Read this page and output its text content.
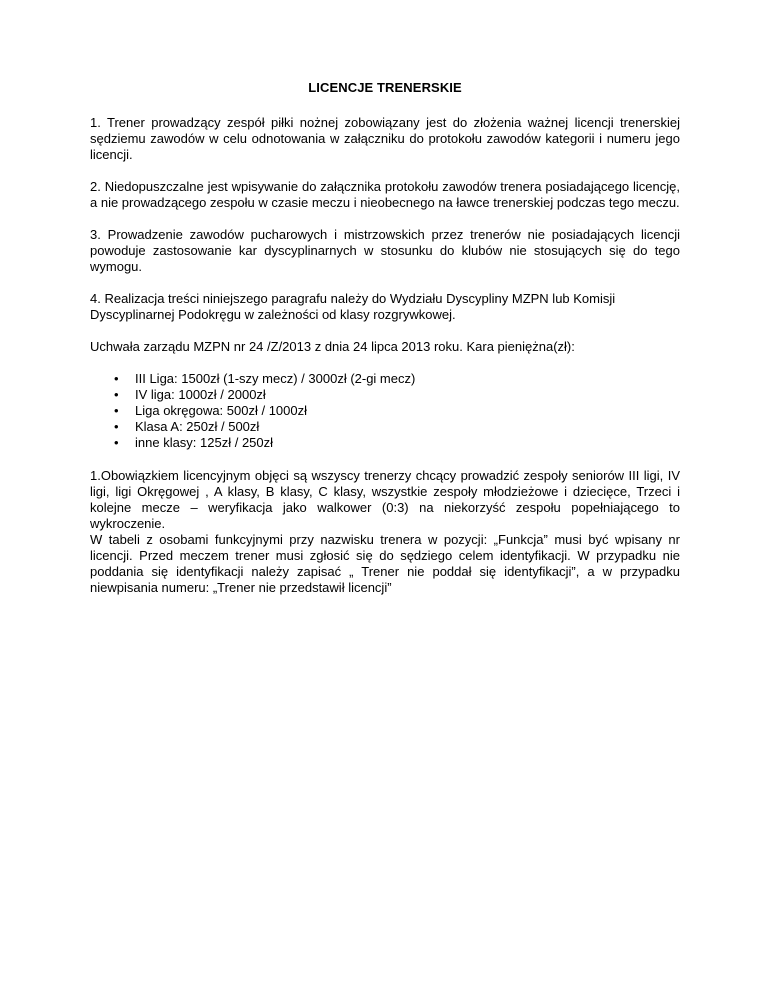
LICENCJE TRENERSKIE

1. Trener prowadzący zespół piłki nożnej zobowiązany jest do złożenia ważnej licencji trenerskiej sędziemu zawodów w celu odnotowania w załączniku do protokołu zawodów kategorii i numeru jego licencji.

2. Niedopuszczalne jest wpisywanie do załącznika protokołu zawodów trenera posiadającego licencję, a nie prowadzącego zespołu w czasie meczu i nieobecnego na ławce trenerskiej podczas tego meczu.

3. Prowadzenie zawodów pucharowych i mistrzowskich przez trenerów nie posiadających licencji powoduje zastosowanie kar dyscyplinarnych w stosunku do klubów nie stosujących się do tego wymogu.

4. Realizacja treści niniejszego paragrafu należy do Wydziału Dyscypliny MZPN lub Komisji Dyscyplinarnej Podokręgu w zależności od klasy rozgrywkowej.

Uchwała zarządu MZPN nr 24 /Z/2013 z dnia 24 lipca 2013 roku. Kara pieniężna(zł):

• III Liga: 1500zł (1-szy mecz) / 3000zł (2-gi mecz)
• IV liga: 1000zł / 2000zł
• Liga okręgowa: 500zł / 1000zł
• Klasa A: 250zł / 500zł
• inne klasy: 125zł / 250zł

1.Obowiązkiem licencyjnym objęci są wszyscy trenerzy chcący prowadzić zespoły seniorów III ligi, IV ligi, ligi Okręgowej , A klasy, B klasy, C klasy, wszystkie zespoły młodzieżowe i dziecięce, Trzeci i kolejne mecze – weryfikacja jako walkower (0:3) na niekorzyść zespołu popełniającego to wykroczenie.

W tabeli z osobami funkcyjnymi przy nazwisku trenera w pozycji: „Funkcja” musi być wpisany nr licencji. Przed meczem trener musi zgłosić się do sędziego celem identyfikacji. W przypadku nie poddania się identyfikacji należy zapisać „ Trener nie poddał się identyfikacji”, a w przypadku niewpisania numeru: „Trener nie przedstawił licencji”
